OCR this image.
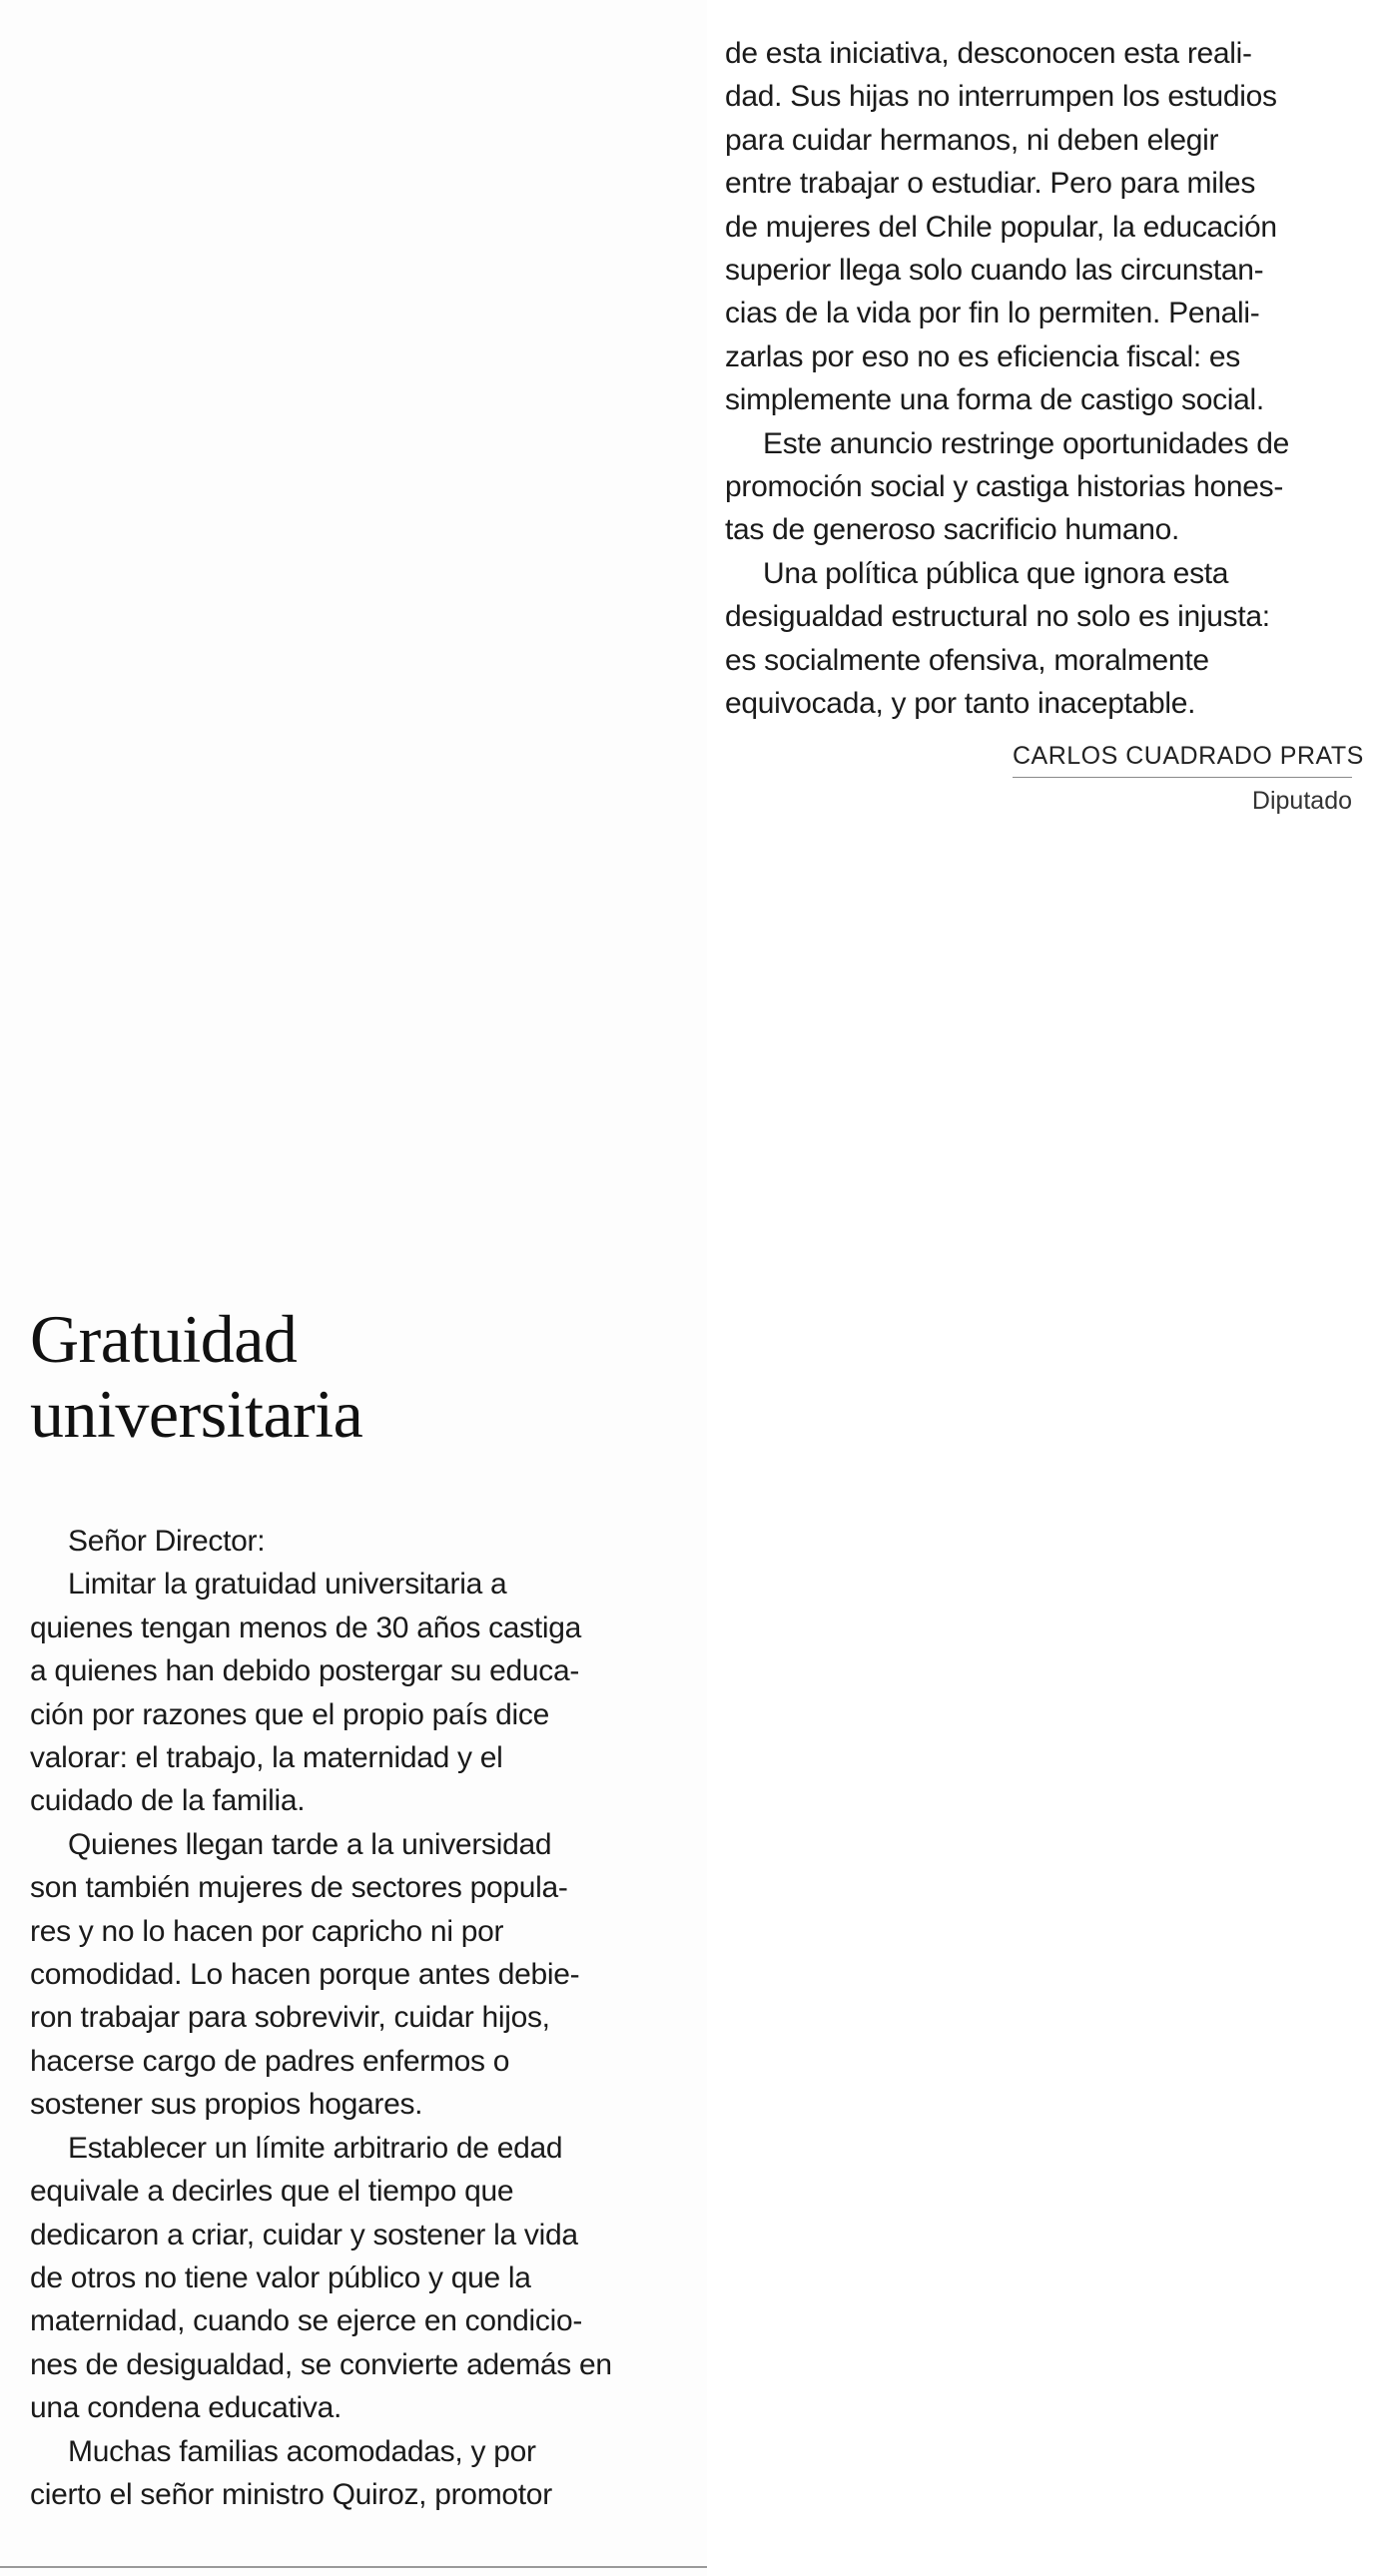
de esta iniciativa, desconocen esta reali-

dad. Sus hijas no interrumpen los estudios

para cuidar hermanos, ni deben elegir

entre trabajar o estudiar. Pero para miles

de mujeres del Chile popular, la educación

superior llega solo cuando las circunstan-

cias de la vida por fin lo permiten. Penali-

zarlas por eso no es eficiencia fiscal: es

simplemente una forma de castigo social.

Este anuncio restringe oportunidades de

promoción social y castiga historias hones-

tas de generoso sacrificio humano.

Una política pública que ignora esta

desigualdad estructural no solo es injusta:

es socialmente ofensiva, moralmente

equivocada, y por tanto inaceptable.

CARLOS CUADRADO PRATS
Diputado
Gratuidad
universitaria

Señor Director:

Limitar la gratuidad universitaria a

quienes tengan menos de 30 años castiga

a quienes han debido postergar su educa-

ción por razones que el propio país dice

valorar: el trabajo, la maternidad y el

cuidado de la familia.

Quienes llegan tarde a la universidad

son también mujeres de sectores popula-

res y no lo hacen por capricho ni por

comodidad. Lo hacen porque antes debie-

ron trabajar para sobrevivir, cuidar hijos,

hacerse cargo de padres enfermos o

sostener sus propios hogares.

Establecer un límite arbitrario de edad

equivale a decirles que el tiempo que

dedicaron a criar, cuidar y sostener la vida

de otros no tiene valor público y que la

maternidad, cuando se ejerce en condicio-

nes de desigualdad, se convierte además en

una condena educativa.

Muchas familias acomodadas, y por

cierto el señor ministro Quiroz, promotor
